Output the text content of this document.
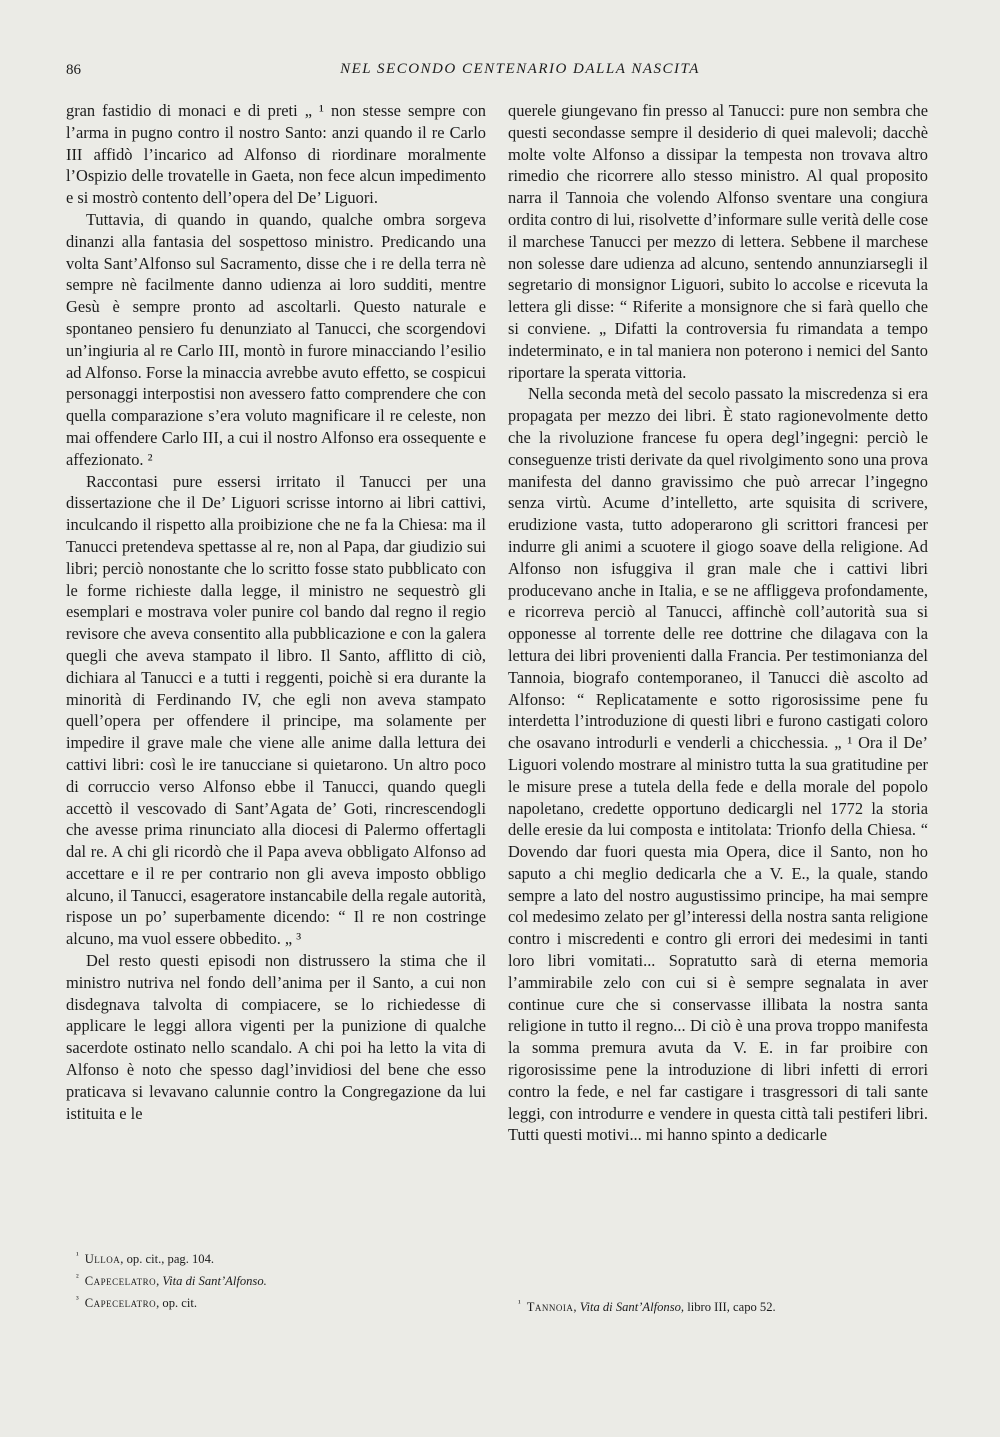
86	NEL SECONDO CENTENARIO DALLA NASCITA

gran fastidio di monaci e di preti „ ¹ non stesse sempre con l’arma in pugno contro il nostro Santo: anzi quando il re Carlo III affidò l’incarico ad Alfonso di riordinare moralmente l’Ospizio delle trovatelle in Gaeta, non fece alcun impedimento e si mostrò contento dell’opera del De’ Liguori.

Tuttavia, di quando in quando, qualche ombra sorgeva dinanzi alla fantasia del sospettoso ministro. Predicando una volta Sant’Alfonso sul Sacramento, disse che i re della terra nè sempre nè facilmente danno udienza ai loro sudditi, mentre Gesù è sempre pronto ad ascoltarli. Questo naturale e spontaneo pensiero fu denunziato al Tanucci, che scorgendovi un’ingiuria al re Carlo III, montò in furore minacciando l’esilio ad Alfonso. Forse la minaccia avrebbe avuto effetto, se cospicui personaggi interpostisi non avessero fatto comprendere che con quella comparazione s’era voluto magnificare il re celeste, non mai offendere Carlo III, a cui il nostro Alfonso era ossequente e affezionato. ²

Raccontasi pure essersi irritato il Tanucci per una dissertazione che il De’ Liguori scrisse intorno ai libri cattivi, inculcando il rispetto alla proibizione che ne fa la Chiesa: ma il Tanucci pretendeva spettasse al re, non al Papa, dar giudizio sui libri; perciò nonostante che lo scritto fosse stato pubblicato con le forme richieste dalla legge, il ministro ne sequestrò gli esemplari e mostrava voler punire col bando dal regno il regio revisore che aveva consentito alla pubblicazione e con la galera quegli che aveva stampato il libro. Il Santo, afflitto di ciò, dichiara al Tanucci e a tutti i reggenti, poichè si era durante la minorità di Ferdinando IV, che egli non aveva stampato quell’opera per offendere il principe, ma solamente per impedire il grave male che viene alle anime dalla lettura dei cattivi libri: così le ire tanucciane si quietarono. Un altro poco di corruccio verso Alfonso ebbe il Tanucci, quando quegli accettò il vescovado di Sant’Agata de’ Goti, rincrescendogli che avesse prima rinunciato alla diocesi di Palermo offertagli dal re. A chi gli ricordò che il Papa aveva obbligato Alfonso ad accettare e il re per contrario non gli aveva imposto obbligo alcuno, il Tanucci, esageratore instancabile della regale autorità, rispose un po’ superbamente dicendo: “ Il re non costringe alcuno, ma vuol essere obbedito. „ ³

Del resto questi episodi non distrussero la stima che il ministro nutriva nel fondo dell’anima per il Santo, a cui non disdegnava talvolta di compiacere, se lo richiedesse di applicare le leggi allora vigenti per la punizione di qualche sacerdote ostinato nello scandalo. A chi poi ha letto la vita di Alfonso è noto che spesso dagl’invidiosi del bene che esso praticava si levavano calunnie contro la Congregazione da lui istituita e le

$^{^1}$ Ulloa, op. cit., pag. 104.
$^{^2}$ Capecelatro, Vita di Sant’Alfonso.
$^{^3}$ Capecelatro, op. cit.

querele giungevano fin presso al Tanucci: pure non sembra che questi secondasse sempre il desiderio di quei malevoli; dacchè molte volte Alfonso a dissipar la tempesta non trovava altro rimedio che ricorrere allo stesso ministro. Al qual proposito narra il Tannoia che volendo Alfonso sventare una congiura ordita contro di lui, risolvette d’informare sulle verità delle cose il marchese Tanucci per mezzo di lettera. Sebbene il marchese non solesse dare udienza ad alcuno, sentendo annunziarsegli il segretario di monsignor Liguori, subito lo accolse e ricevuta la lettera gli disse: “ Riferite a monsignore che si farà quello che si conviene. „ Difatti la controversia fu rimandata a tempo indeterminato, e in tal maniera non poterono i nemici del Santo riportare la sperata vittoria.

Nella seconda metà del secolo passato la miscredenza si era propagata per mezzo dei libri. È stato ragionevolmente detto che la rivoluzione francese fu opera degl’ingegni: perciò le conseguenze tristi derivate da quel rivolgimento sono una prova manifesta del danno gravissimo che può arrecar l’ingegno senza virtù. Acume d’intelletto, arte squisita di scrivere, erudizione vasta, tutto adoperarono gli scrittori francesi per indurre gli animi a scuotere il giogo soave della religione. Ad Alfonso non isfuggiva il gran male che i cattivi libri producevano anche in Italia, e se ne affliggeva profondamente, e ricorreva perciò al Tanucci, affinchè coll’autorità sua si opponesse al torrente delle ree dottrine che dilagava con la lettura dei libri provenienti dalla Francia. Per testimonianza del Tannoia, biografo contemporaneo, il Tanucci diè ascolto ad Alfonso: “ Replicatamente e sotto rigorosissime pene fu interdetta l’introduzione di questi libri e furono castigati coloro che osavano introdurli e venderli a chicchessia. „ ¹ Ora il De’ Liguori volendo mostrare al ministro tutta la sua gratitudine per le misure prese a tutela della fede e della morale del popolo napoletano, credette opportuno dedicargli nel 1772 la storia delle eresie da lui composta e intitolata: Trionfo della Chiesa. “ Dovendo dar fuori questa mia Opera, dice il Santo, non ho saputo a chi meglio dedicarla che a V. E., la quale, stando sempre a lato del nostro augustissimo principe, ha mai sempre col medesimo zelato per gl’interessi della nostra santa religione contro i miscredenti e contro gli errori dei medesimi in tanti loro libri vomitati... Sopratutto sarà di eterna memoria l’ammirabile zelo con cui si è sempre segnalata in aver continue cure che si conservasse illibata la nostra santa religione in tutto il regno... Di ciò è una prova troppo manifesta la somma premura avuta da V. E. in far proibire con rigorosissime pene la introduzione di libri infetti di errori contro la fede, e nel far castigare i trasgressori di tali sante leggi, con introdurre e vendere in questa città tali pestiferi libri. Tutti questi motivi... mi hanno spinto a dedicarle

$^{^1}$ Tannoia, Vita di Sant’Alfonso, libro III, capo 52.
